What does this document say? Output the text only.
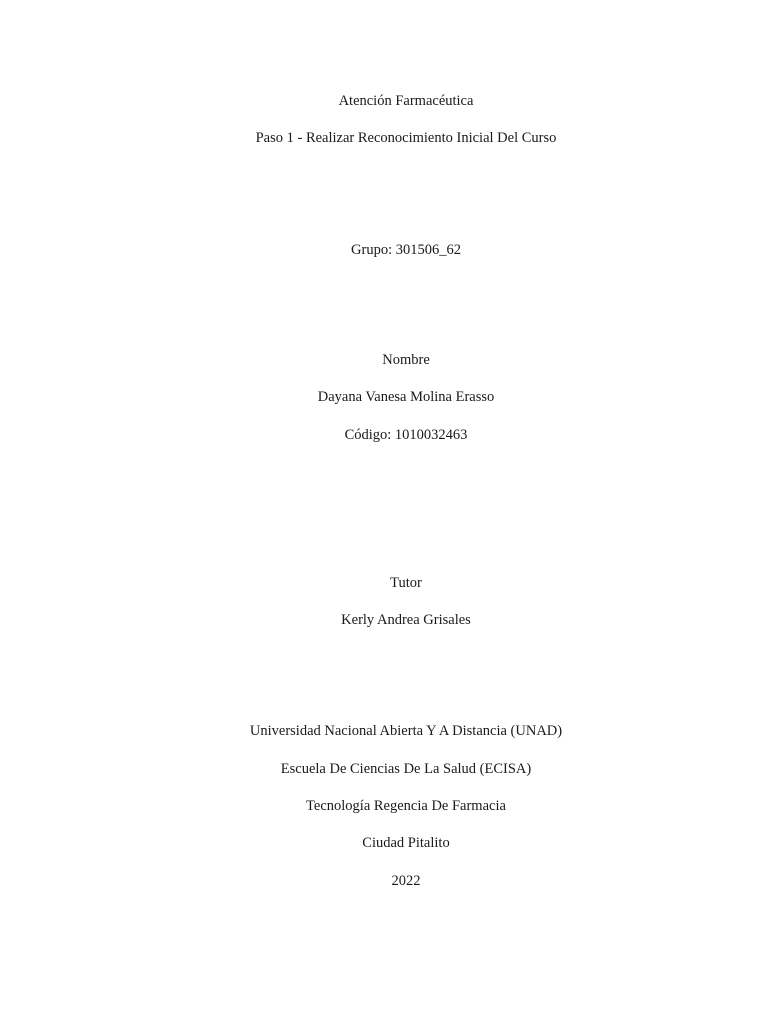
Atención Farmacéutica
Paso 1 - Realizar Reconocimiento Inicial Del Curso
Grupo: 301506_62
Nombre
Dayana Vanesa Molina Erasso
Código: 1010032463
Tutor
Kerly Andrea Grisales
Universidad Nacional Abierta Y A Distancia (UNAD)
Escuela De Ciencias De La Salud (ECISA)
Tecnología Regencia De Farmacia
Ciudad Pitalito
2022
